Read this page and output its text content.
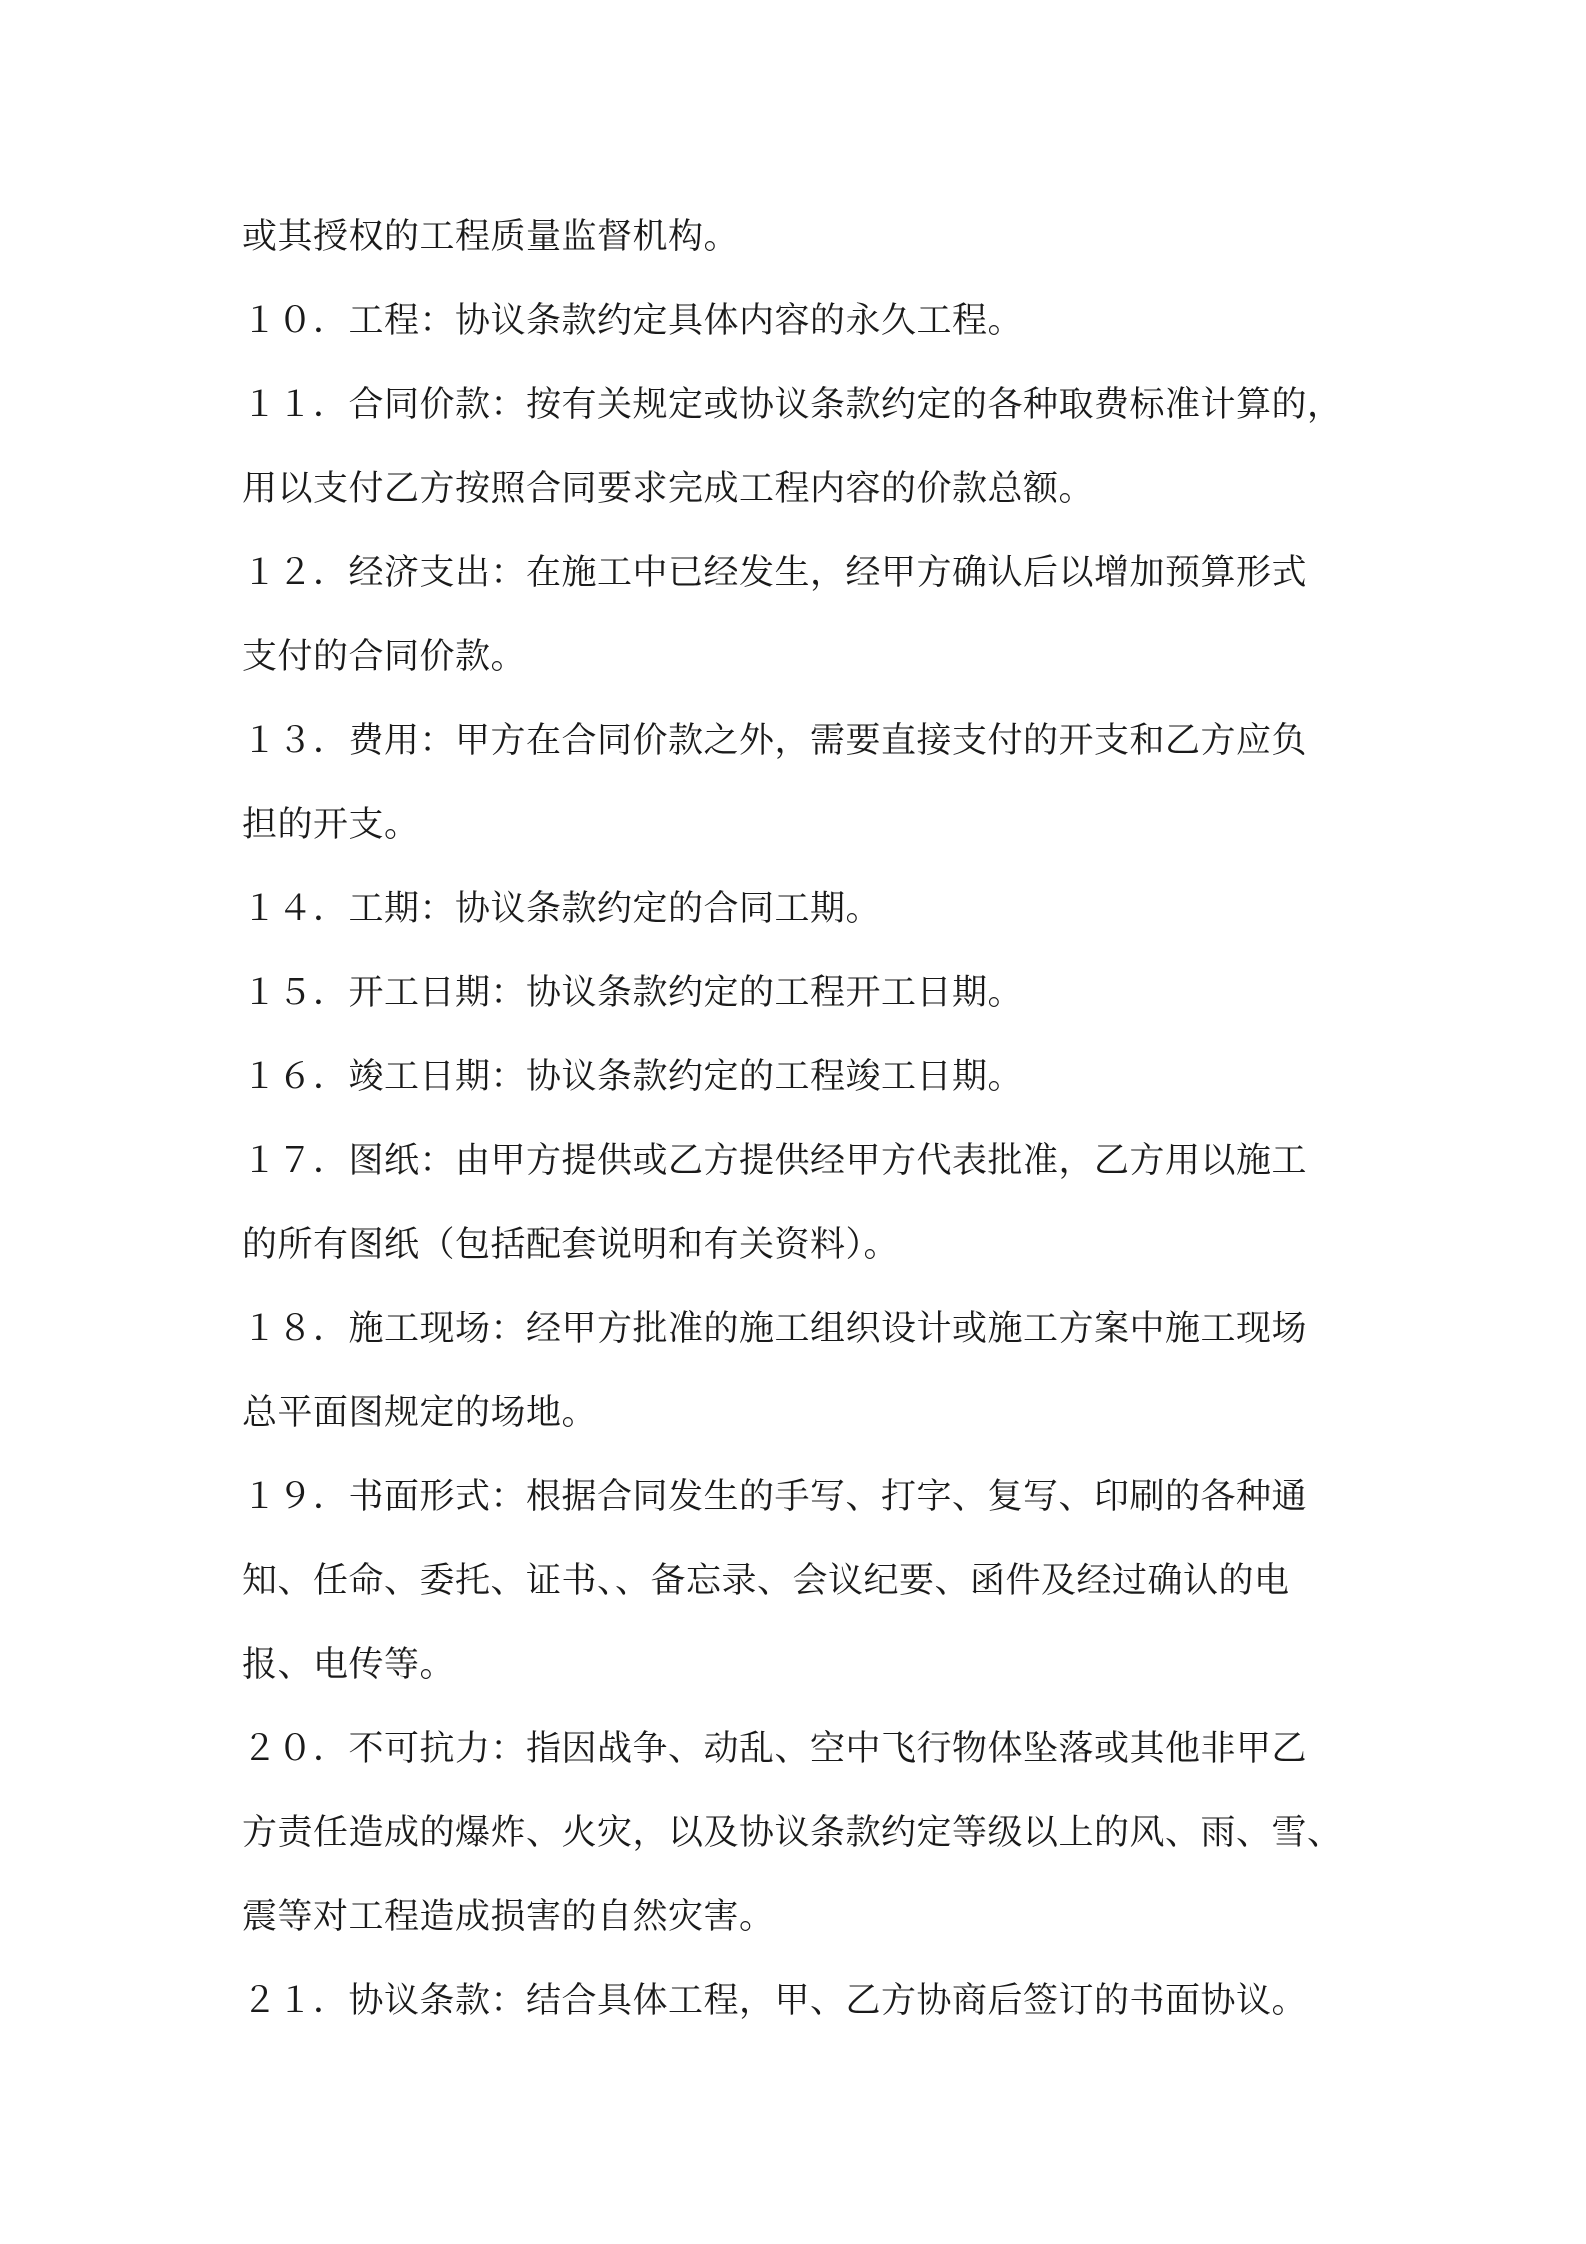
或其授权的工程质量监督机构。
１０．工程：协议条款约定具体内容的永久工程。
１１．合同价款：按有关规定或协议条款约定的各种取费标准计算的，
用以支付乙方按照合同要求完成工程内容的价款总额。
１２．经济支出：在施工中已经发生，经甲方确认后以增加预算形式
支付的合同价款。
１３．费用：甲方在合同价款之外，需要直接支付的开支和乙方应负
担的开支。
１４．工期：协议条款约定的合同工期。
１５．开工日期：协议条款约定的工程开工日期。
１６．竣工日期：协议条款约定的工程竣工日期。
１７．图纸：由甲方提供或乙方提供经甲方代表批准，乙方用以施工
的所有图纸（包括配套说明和有关资料）。
１８．施工现场：经甲方批准的施工组织设计或施工方案中施工现场
总平面图规定的场地。
１９．书面形式：根据合同发生的手写、打字、复写、印刷的各种通
知、任命、委托、证书、、备忘录、会议纪要、函件及经过确认的电
报、电传等。
２０．不可抗力：指因战争、动乱、空中飞行物体坠落或其他非甲乙
方责任造成的爆炸、火灾，以及协议条款约定等级以上的风、雨、雪、
震等对工程造成损害的自然灾害。
２１．协议条款：结合具体工程，甲、乙方协商后签订的书面协议。
